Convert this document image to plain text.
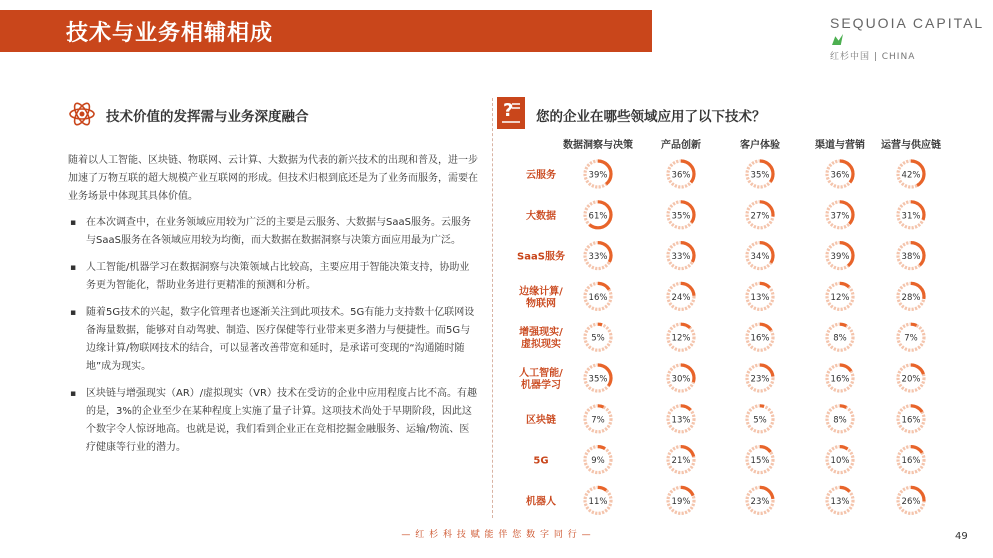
技术与业务相辅相成	SEQUOIA CAPITAL
红杉中国 | CHINA
技术价值的发挥需与业务深度融合

随着以人工智能、区块链、物联网、云计算、大数据为代表的新兴技术的出现和普及，进一步加速了万物互联的超大规模产业互联网的形成。但技术归根到底还是为了业务而服务，需要在业务场景中体现其具体价值。

▪ 在本次调查中，在业务领域应用较为广泛的主要是云服务、大数据与SaaS服务。云服务与SaaS服务在各领域应用较为均衡，而大数据在数据洞察与决策方面应用最为广泛。
▪ 人工智能/机器学习在数据洞察与决策领域占比较高，主要应用于智能决策支持，协助业务更为智能化，帮助业务进行更精准的预测和分析。
▪ 随着5G技术的兴起，数字化管理者也逐渐关注到此项技术。5G有能力支持数十亿联网设备海量数据，能够对自动驾驶、制造、医疗保健等行业带来更多潜力与便捷性。而5G与边缘计算/物联网技术的结合，可以显著改善带宽和延时，是承诺可变现的“沟通随时随地”成为现实。
▪ 区块链与增强现实（AR）/虚拟现实（VR）技术在受访的企业中应用程度占比不高。有趣的是，3%的企业至少在某种程度上实施了量子计算。这项技术尚处于早期阶段，因此这个数字令人惊讶地高。也就是说，我们看到企业正在竞相挖掘金融服务、运输/物流、医疗健康等行业的潜力。
? 您的企业在哪些领域应用了以下技术？
数据洞察与决策	产品创新	客户体验	渠道与营销 运营与供应链
云服务	39%	36%	35%	36%	42%
大数据	61%	35%	27%	37%	31%
SaaS服务	33%	33%	34%	39%	38%
边缘计算/
物联网
16%	24%	13%	12%	28%
增强现实/
虚拟现实
5%	12%	16%	8%	7%
人工智能/
机器学习
35%	30%	23%	16%	20%
区块链	7%	13%	5%	8%	16%
5G	9%	21%	15%	10%	16%
机器人	11%	19%	23%	13%	26%
— 红 杉 科 技 赋 能 伴 您 数 字 同 行 —	49
